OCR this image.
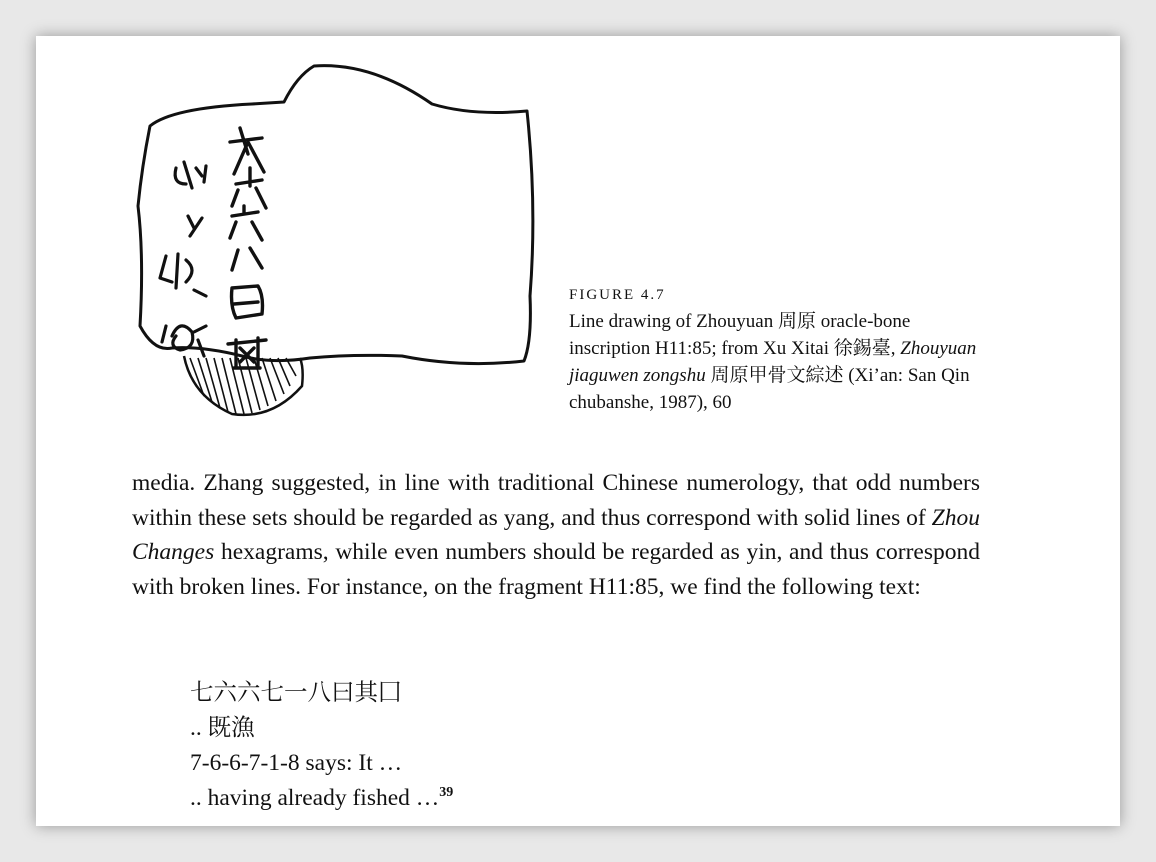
FIGURE 4.7
Line drawing of Zhouyuan 周原 oracle-bone inscription H11:85; from Xu Xitai 徐錫臺, Zhouyuan jiaguwen zongshu 周原甲骨文綜述 (Xi’an: San Qin chubanshe, 1987), 60

media. Zhang suggested, in line with traditional Chinese numerology, that odd numbers within these sets should be regarded as yang, and thus correspond with solid lines of Zhou Changes hexagrams, while even numbers should be regarded as yin, and thus correspond with broken lines. For instance, on the fragment H11:85, we find the following text:

七六六七一八曰其囗
.. 既漁
7-6-6-7-1-8 says: It …
.. having already fished …$^{39}$
